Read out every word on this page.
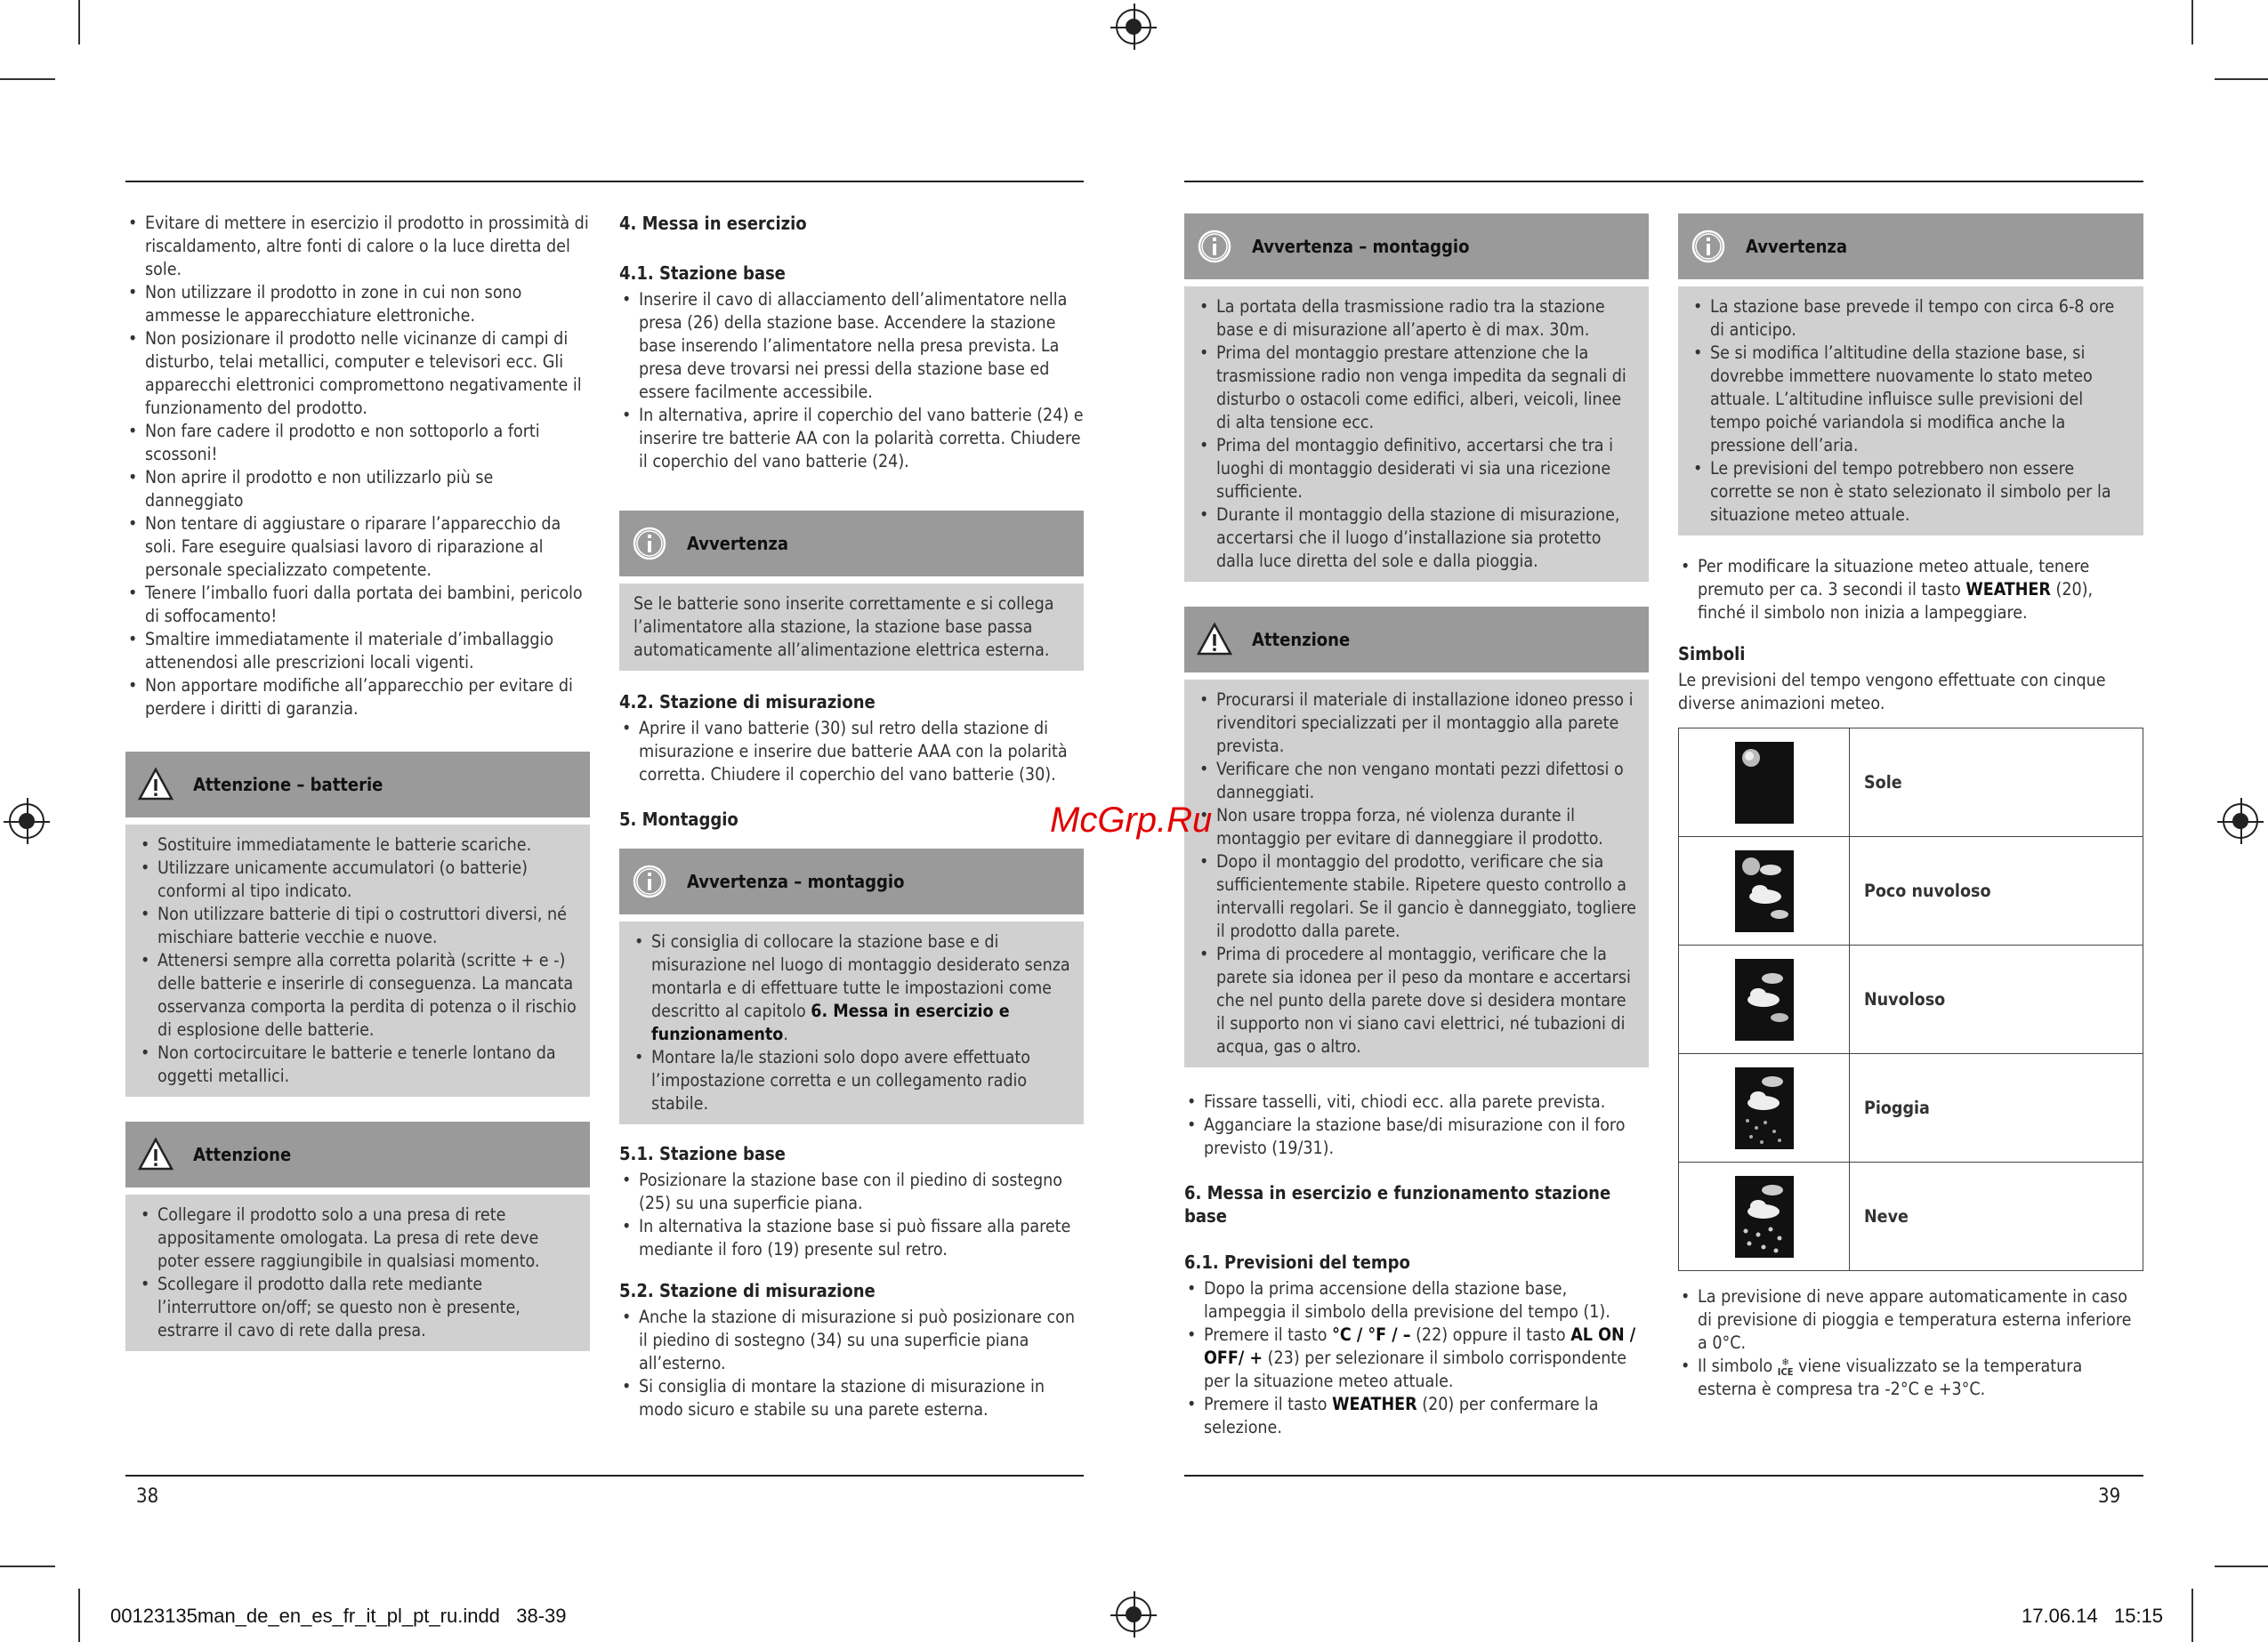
• Evitare di mettere in esercizio il prodotto in prossimità di riscaldamento, altre fonti di calore o la luce diretta del sole.
• Non utilizzare il prodotto in zone in cui non sono ammesse le apparecchiature elettroniche.
• Non posizionare il prodotto nelle vicinanze di campi di disturbo, telai metallici, computer e televisori ecc. Gli apparecchi elettronici compromettono negativamente il funzionamento del prodotto.
• Non fare cadere il prodotto e non sottoporlo a forti scossoni!
• Non aprire il prodotto e non utilizzarlo più se danneggiato
• Non tentare di aggiustare o riparare l’apparecchio da soli. Fare eseguire qualsiasi lavoro di riparazione al personale specializzato competente.
• Tenere l’imballo fuori dalla portata dei bambini, pericolo di soffocamento!
• Smaltire immediatamente il materiale d’imballaggio attenendosi alle prescrizioni locali vigenti.
• Non apportare modifiche all’apparecchio per evitare di perdere i diritti di garanzia.
Attenzione – batterie
• Sostituire immediatamente le batterie scariche.
• Utilizzare unicamente accumulatori (o batterie) conformi al tipo indicato.
• Non utilizzare batterie di tipi o costruttori diversi, né mischiare batterie vecchie e nuove.
• Attenersi sempre alla corretta polarità (scritte + e -) delle batterie e inserirle di conseguenza. La mancata osservanza comporta la perdita di potenza o il rischio di esplosione delle batterie.
• Non cortocircuitare le batterie e tenerle lontano da oggetti metallici.
Attenzione
• Collegare il prodotto solo a una presa di rete appositamente omologata. La presa di rete deve poter essere raggiungibile in qualsiasi momento.
• Scollegare il prodotto dalla rete mediante l’interruttore on/off; se questo non è presente, estrarre il cavo di rete dalla presa.
4. Messa in esercizio
4.1. Stazione base
• Inserire il cavo di allacciamento dell’alimentatore nella presa (26) della stazione base. Accendere la stazione base inserendo l’alimentatore nella presa prevista. La presa deve trovarsi nei pressi della stazione base ed essere facilmente accessibile.
• In alternativa, aprire il coperchio del vano batterie (24) e inserire tre batterie AA con la polarità corretta. Chiudere il coperchio del vano batterie (24).
Avvertenza

Se le batterie sono inserite correttamente e si collega l’alimentatore alla stazione, la stazione base passa automaticamente all’alimentazione elettrica esterna.

4.2. Stazione di misurazione
• Aprire il vano batterie (30) sul retro della stazione di misurazione e inserire due batterie AAA con la polarità corretta. Chiudere il coperchio del vano batterie (30).
5. Montaggio
Avvertenza – montaggio
• Si consiglia di collocare la stazione base e di misurazione nel luogo di montaggio desiderato senza montarla e di effettuare tutte le impostazioni come descritto al capitolo 6. Messa in esercizio e funzionamento.
• Montare la/le stazioni solo dopo avere effettuato l’impostazione corretta e un collegamento radio stabile.
5.1. Stazione base
• Posizionare la stazione base con il piedino di sostegno (25) su una superficie piana.
• In alternativa la stazione base si può fissare alla parete mediante il foro (19) presente sul retro.
5.2. Stazione di misurazione
• Anche la stazione di misurazione si può posizionare con il piedino di sostegno (34) su una superficie piana all’esterno.
• Si consiglia di montare la stazione di misurazione in modo sicuro e stabile su una parete esterna.
Avvertenza – montaggio
• La portata della trasmissione radio tra la stazione base e di misurazione all’aperto è di max. 30m.
• Prima del montaggio prestare attenzione che la trasmissione radio non venga impedita da segnali di disturbo o ostacoli come edifici, alberi, veicoli, linee di alta tensione ecc.
• Prima del montaggio definitivo, accertarsi che tra i luoghi di montaggio desiderati vi sia una ricezione sufficiente.
• Durante il montaggio della stazione di misurazione, accertarsi che il luogo d’installazione sia protetto dalla luce diretta del sole e dalla pioggia.
Attenzione
• Procurarsi il materiale di installazione idoneo presso i rivenditori specializzati per il montaggio alla parete prevista.
• Verificare che non vengano montati pezzi difettosi o danneggiati.
• Non usare troppa forza, né violenza durante il montaggio per evitare di danneggiare il prodotto.
• Dopo il montaggio del prodotto, verificare che sia sufficientemente stabile. Ripetere questo controllo a intervalli regolari. Se il gancio è danneggiato, togliere il prodotto dalla parete.
• Prima di procedere al montaggio, verificare che la parete sia idonea per il peso da montare e accertarsi che nel punto della parete dove si desidera montare il supporto non vi siano cavi elettrici, né tubazioni di acqua, gas o altro.
• Fissare tasselli, viti, chiodi ecc. alla parete prevista.
• Agganciare la stazione base/di misurazione con il foro previsto (19/31).
6. Messa in esercizio e funzionamento stazione base
6.1. Previsioni del tempo
• Dopo la prima accensione della stazione base, lampeggia il simbolo della previsione del tempo (1).
• Premere il tasto °C / °F / – (22) oppure il tasto AL ON / OFF/ + (23) per selezionare il simbolo corrispondente per la situazione meteo attuale.
• Premere il tasto WEATHER (20) per confermare la selezione.
Avvertenza
• La stazione base prevede il tempo con circa 6-8 ore di anticipo.
• Se si modifica l’altitudine della stazione base, si dovrebbe immettere nuovamente lo stato meteo attuale. L’altitudine influisce sulle previsioni del tempo poiché variandola si modifica anche la pressione dell’aria.
• Le previsioni del tempo potrebbero non essere corrette se non è stato selezionato il simbolo per la situazione meteo attuale.
• Per modificare la situazione meteo attuale, tenere premuto per ca. 3 secondi il tasto WEATHER (20), finché il simbolo non inizia a lampeggiare.
Simboli

Le previsioni del tempo vengono effettuate con cinque diverse animazioni meteo.

	Sole
	Poco nuvoloso
	Nuvoloso
	Pioggia
	Neve
• La previsione di neve appare automaticamente in caso di previsione di pioggia e temperatura esterna inferiore a 0°C.
• Il simbolo ❄
ICE viene visualizzato se la temperatura esterna è compresa tra -2°C e +3°C.
38	39
00123135man_de_en_es_fr_it_pl_pt_ru.indd   38-39	17.06.14   15:15
McGrp.Ru
